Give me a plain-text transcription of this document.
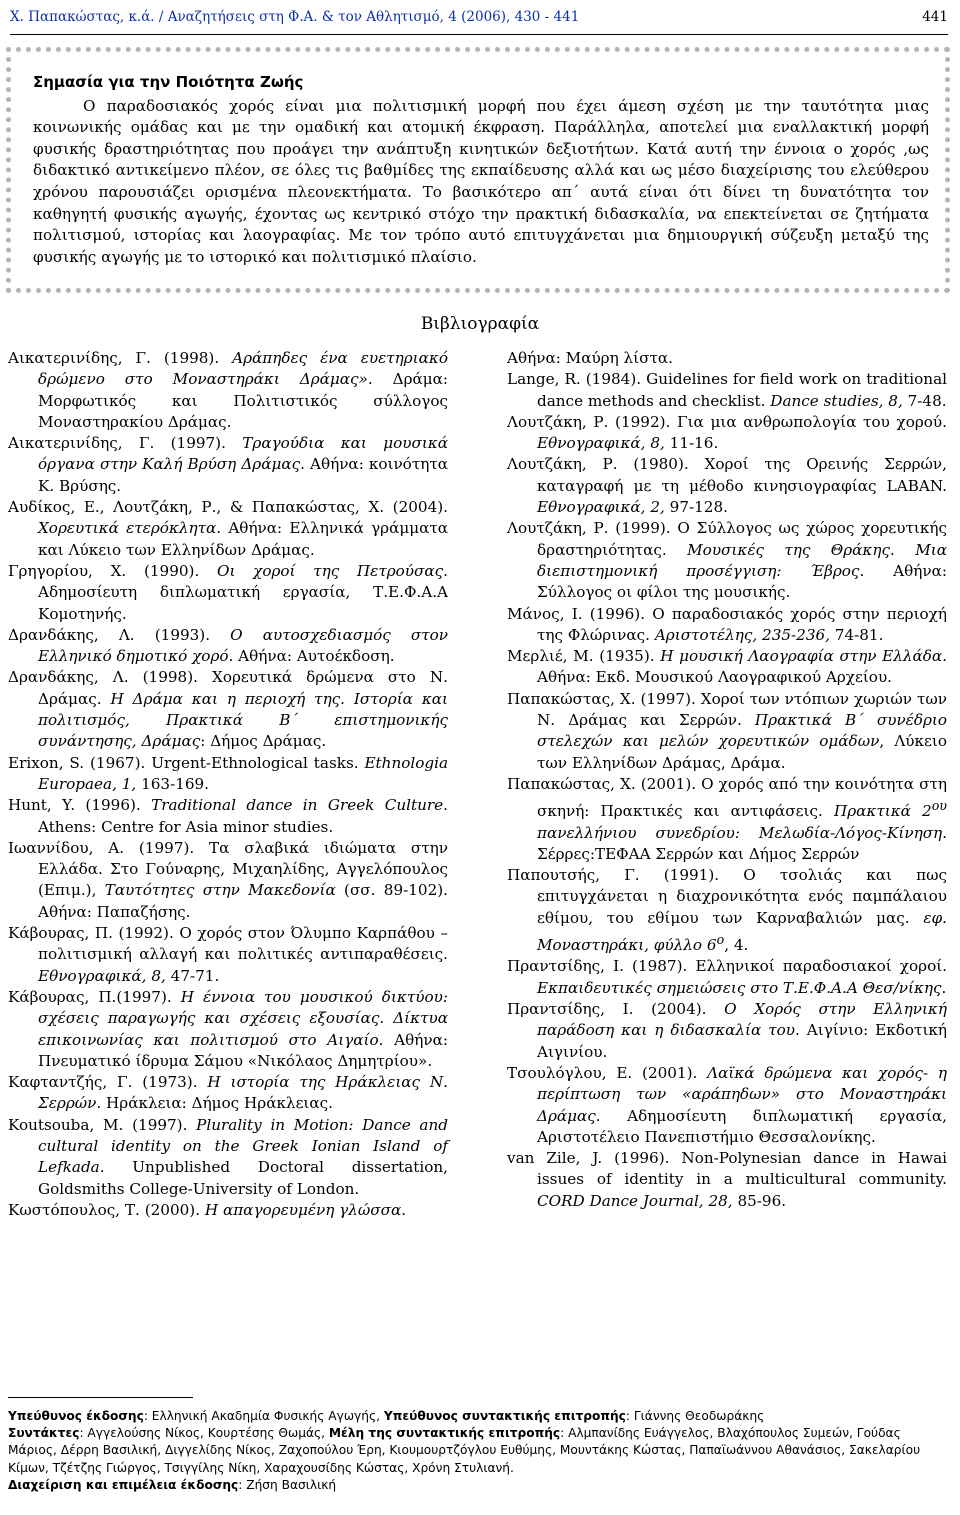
Χ. Παπακώστας, κ.ά. / Αναζητήσεις στη Φ.Α. & τον Αθλητισμό, 4 (2006), 430 - 441	441
Σημασία για την Ποιότητα Ζωής
Ο παραδοσιακός χορός είναι μια πολιτισμική μορφή που έχει άμεση σχέση με την ταυτότητα μιας κοινωνικής ομάδας και με την ομαδική και ατομική έκφραση. Παράλληλα, αποτελεί μια εναλλακτική μορφή φυσικής δραστηριότητας που προάγει την ανάπτυξη κινητικών δεξιοτήτων. Κατά αυτή την έννοια ο χορός ,ως διδακτικό αντικείμενο πλέον, σε όλες τις βαθμίδες της εκπαίδευσης αλλά και ως μέσο διαχείρισης του ελεύθερου χρόνου παρουσιάζει ορισμένα πλεονεκτήματα. Το βασικότερο απ΄ αυτά είναι ότι δίνει τη δυνατότητα τον καθηγητή φυσικής αγωγής, έχοντας ως κεντρικό στόχο την πρακτική διδασκαλία, να επεκτείνεται σε ζητήματα πολιτισμού, ιστορίας και λαογραφίας. Με τον τρόπο αυτό επιτυγχάνεται μια δημιουργική σύζευξη μεταξύ της φυσικής αγωγής με το ιστορικό και πολιτισμικό πλαίσιο.
Βιβλιογραφία
Αικατερινίδης, Γ. (1998). Αράπηδες ένα ευετηριακό δρώμενο στο Μοναστηράκι Δράμας». Δράμα: Μορφωτικός και Πολιτιστικός σύλλογος Μοναστηρακίου Δράμας.
Αικατερινίδης, Γ. (1997). Τραγούδια και μουσικά όργανα στην Καλή Βρύση Δράμας. Αθήνα: κοινότητα Κ. Βρύσης.
Αυδίκος, Ε., Λουτζάκη, Ρ., & Παπακώστας, Χ. (2004). Χορευτικά ετερόκλητα. Αθήνα: Ελληνικά γράμματα και Λύκειο των Ελληνίδων Δράμας.
Γρηγορίου, Χ. (1990). Οι χοροί της Πετρούσας. Αδημοσίευτη διπλωματική εργασία, Τ.Ε.Φ.Α.Α Κομοτηνής.
Δρανδάκης, Λ. (1993). Ο αυτοσχεδιασμός στον Ελληνικό δημοτικό χορό. Αθήνα: Αυτοέκδοση.
Δρανδάκης, Λ. (1998). Χορευτικά δρώμενα στο Ν. Δράμας. Η Δράμα και η περιοχή της. Ιστορία και πολιτισμός, Πρακτικά Β΄ επιστημονικής συνάντησης, Δράμας: Δήμος Δράμας.
Erixon, S. (1967). Urgent-Ethnological tasks. Ethnologia Europaea, 1, 163-169.
Hunt, Y. (1996). Traditional dance in Greek Culture. Athens: Centre for Asia minor studies.
Ιωαννίδου, Α. (1997). Τα σλαβικά ιδιώματα στην Ελλάδα. Στο Γούναρης, Μιχαηλίδης, Αγγελόπουλος (Επιμ.), Ταυτότητες στην Μακεδονία (σσ. 89-102). Αθήνα: Παπαζήσης.
Κάβουρας, Π. (1992). Ο χορός στον Όλυμπο Καρπάθου – πολιτισμική αλλαγή και πολιτικές αντιπαραθέσεις. Εθνογραφικά, 8, 47-71.
Κάβουρας, Π.(1997). Η έννοια του μουσικού δικτύου: σχέσεις παραγωγής και σχέσεις εξουσίας. Δίκτυα επικοινωνίας και πολιτισμού στο Αιγαίο. Αθήνα: Πνευματικό ίδρυμα Σάμου «Νικόλαος Δημητρίου».
Καφταντζής, Γ. (1973). Η ιστορία της Ηράκλειας Ν. Σερρών. Ηράκλεια: Δήμος Ηράκλειας.
Koutsouba, M. (1997). Plurality in Motion: Dance and cultural identity on the Greek Ionian Island of Lefkada. Unpublished Doctoral dissertation, Goldsmiths College-University of London.
Κωστόπουλος, Τ. (2000). Η απαγορευμένη γλώσσα.
Αθήνα: Μαύρη λίστα.
Lange, R. (1984). Guidelines for field work on traditional dance methods and checklist. Dance studies, 8, 7-48.
Λουτζάκη, Ρ. (1992). Για μια ανθρωπολογία του χορού. Εθνογραφικά, 8, 11-16.
Λουτζάκη, Ρ. (1980). Χοροί της Ορεινής Σερρών, καταγραφή με τη μέθοδο κινησιογραφίας LABAN. Εθνογραφικά, 2, 97-128.
Λουτζάκη, Ρ. (1999). Ο Σύλλογος ως χώρος χορευτικής δραστηριότητας. Μουσικές της Θράκης. Μια διεπιστημονική προσέγγιση: Έβρος. Αθήνα: Σύλλογος οι φίλοι της μουσικής.
Μάνος, Ι. (1996). Ο παραδοσιακός χορός στην περιοχή της Φλώρινας. Αριστοτέλης, 235-236, 74-81.
Μερλιέ, Μ. (1935). Η μουσική Λαογραφία στην Ελλάδα. Αθήνα: Εκδ. Μουσικού Λαογραφικού Αρχείου.
Παπακώστας, Χ. (1997). Χοροί των ντόπιων χωριών των Ν. Δράμας και Σερρών. Πρακτικά Β΄ συνέδριο στελεχών και μελών χορευτικών ομάδων, Λύκειο των Ελληνίδων Δράμας, Δράμα.
Παπακώστας, Χ. (2001). Ο χορός από την κοινότητα στη σκηνή: Πρακτικές και αντιφάσεις. Πρακτικά $2^{o\upsilon}$ πανελλήνιου συνεδρίου: Μελωδία-Λόγος-Κίνηση. Σέρρες:ΤΕΦΑΑ Σερρών και Δήμος Σερρών
Παπουτσής, Γ. (1991). Ο τσολιάς και πως επιτυγχάνεται η διαχρονικότητα ενός παμπάλαιου εθίμου, του εθίμου των Καρναβαλιών μας. εφ. Μοναστηράκι, φύλλο $6^o$, 4.
Πραντσίδης, Ι. (1987). Ελληνικοί παραδοσιακοί χοροί. Εκπαιδευτικές σημειώσεις στο Τ.Ε.Φ.Α.Α Θεσ/νίκης.
Πραντσίδης, Ι. (2004). Ο Χορός στην Ελληνική παράδοση και η διδασκαλία του. Αιγίνιο: Εκδοτική Αιγινίου.
Τσουλόγλου, Ε. (2001). Λαϊκά δρώμενα και χορός- η περίπτωση των «αράπηδων» στο Μοναστηράκι Δράμας. Αδημοσίευτη διπλωματική εργασία, Αριστοτέλειο Πανεπιστήμιο Θεσσαλονίκης.
van Zile, J. (1996). Non-Polynesian dance in Hawai issues of identity in a multicultural community. CORD Dance Journal, 28, 85-96.
Υπεύθυνος έκδοσης: Ελληνική Ακαδημία Φυσικής Αγωγής, Υπεύθυνος συντακτικής επιτροπής: Γιάννης Θεοδωράκης
Συντάκτες: Αγγελούσης Νίκος, Κουρτέσης Θωμάς, Μέλη της συντακτικής επιτροπής: Αλμπανίδης Ευάγγελος, Βλαχόπουλος Συμεών, Γούδας Μάριος, Δέρρη Βασιλική, Διγγελίδης Νίκος, Ζαχοπούλου Έρη, Κιουμουρτζόγλου Ευθύμης, Μουντάκης Κώστας, Παπαϊωάννου Αθανάσιος, Σακελαρίου Κίμων, Τζέτζης Γιώργος, Τσιγγίλης Νίκη, Χαραχουσίδης Κώστας, Χρόνη Στυλιανή.
Διαχείριση και επιμέλεια έκδοσης: Ζήση Βασιλική
